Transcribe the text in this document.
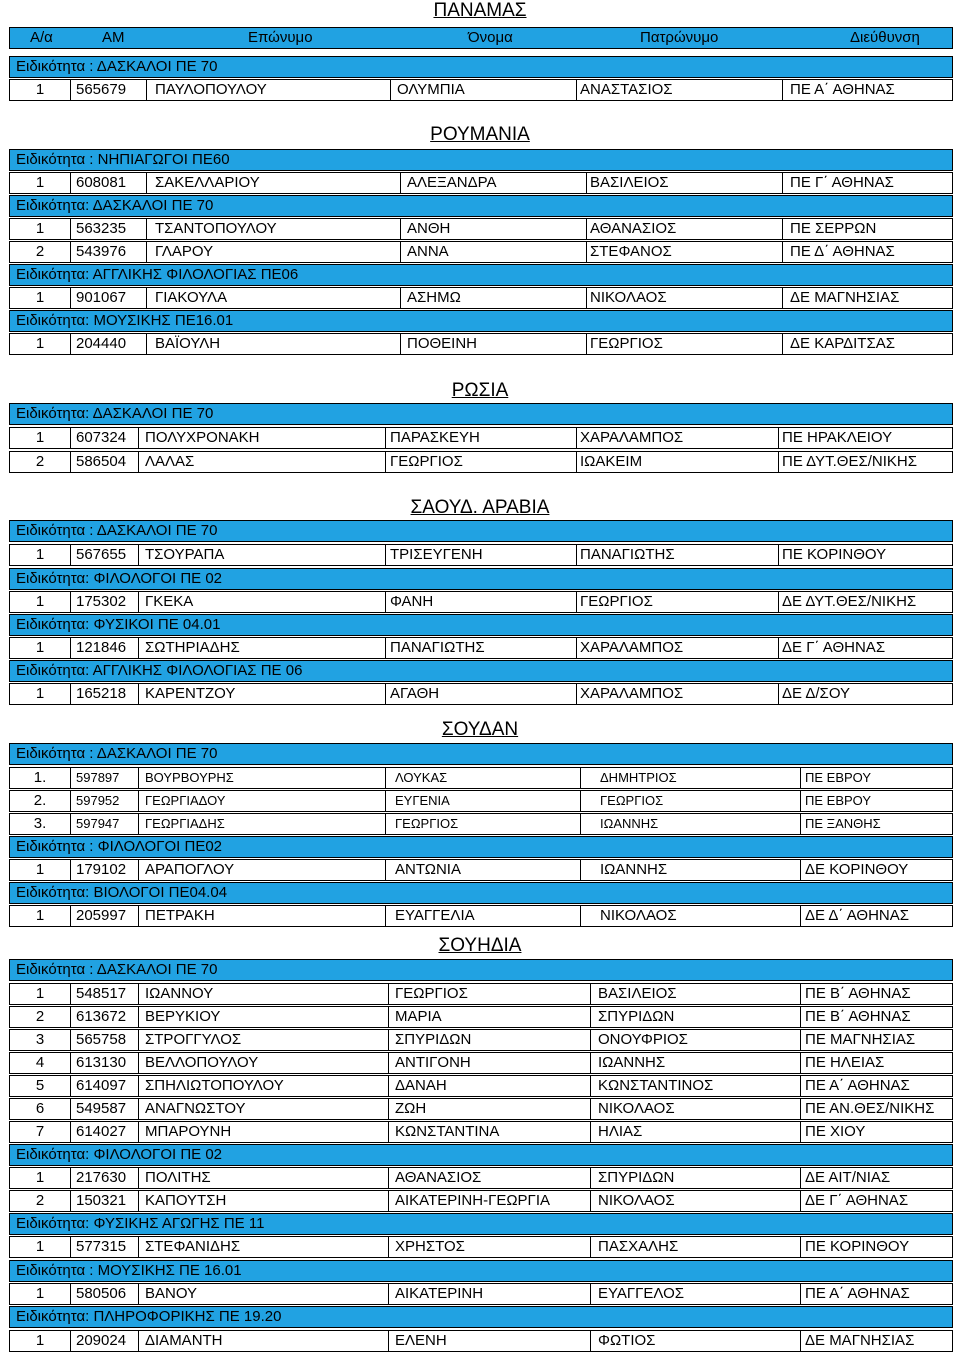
ΠΑΝΑΜΑΣ
Α/α	ΑΜ	Επώνυμο	Όνομα	Πατρώνυμο	Διεύθυνση
Ειδικότητα : ΔΑΣΚΑΛΟΙ ΠΕ 70
1	565679 ΠΑΥΛΟΠΟΥΛΟΥ	ΟΛΥΜΠΙΑ	ΑΝΑΣΤΑΣΙΟΣ	ΠΕ Α΄ ΑΘΗΝΑΣ
ΡΟΥΜΑΝΙΑ
Ειδικότητα : ΝΗΠΙΑΓΩΓΟΙ ΠΕ60
1	608081 ΣΑΚΕΛΛΑΡΙΟΥ	ΑΛΕΞΑΝΔΡΑ	ΒΑΣΙΛΕΙΟΣ	ΠΕ Γ΄ ΑΘΗΝΑΣ
Ειδικότητα: ΔΑΣΚΑΛΟΙ ΠΕ 70
1	563235 ΤΣΑΝΤΟΠΟΥΛΟΥ	ΑΝΘΗ	ΑΘΑΝΑΣΙΟΣ	ΠΕ ΣΕΡΡΩΝ
2	543976 ΓΛΑΡΟΥ	ΑΝΝΑ	ΣΤΕΦΑΝΟΣ	ΠΕ Δ΄ ΑΘΗΝΑΣ
Ειδικότητα: ΑΓΓΛΙΚΗΣ ΦΙΛΟΛΟΓΙΑΣ ΠΕ06
1	901067 ΓΙΑΚΟΥΛΑ	ΑΣΗΜΩ	ΝΙΚΟΛΑΟΣ	ΔΕ ΜΑΓΝΗΣΙΑΣ
Ειδικότητα: ΜΟΥΣΙΚΗΣ ΠΕ16.01
1	204440 ΒΑΪΟΥΛΗ	ΠΟΘΕΙΝΗ	ΓΕΩΡΓΙΟΣ	ΔΕ ΚΑΡΔΙΤΣΑΣ
ΡΩΣΙΑ
Ειδικότητα: ΔΑΣΚΑΛΟΙ ΠΕ 70
1	607324 ΠΟΛΥΧΡΟΝΑΚΗ	ΠΑΡΑΣΚΕΥΗ	ΧΑΡΑΛΑΜΠΟΣ	ΠΕ ΗΡΑΚΛΕΙΟΥ
2	586504 ΛΑΛΑΣ	ΓΕΩΡΓΙΟΣ	ΙΩΑΚΕΙΜ	ΠΕ ΔΥΤ.ΘΕΣ/ΝΙΚΗΣ
ΣΑΟΥΔ. ΑΡΑΒΙΑ
Ειδικότητα : ΔΑΣΚΑΛΟΙ ΠΕ 70
1	567655 ΤΣΟΥΡΑΠΑ	ΤΡΙΣΕΥΓΕΝΗ	ΠΑΝΑΓΙΩΤΗΣ	ΠΕ ΚΟΡΙΝΘΟΥ
Ειδικότητα: ΦΙΛΟΛΟΓΟΙ ΠΕ 02
1	175302 ΓΚΕΚΑ	ΦΑΝΗ	ΓΕΩΡΓΙΟΣ	ΔΕ ΔΥΤ.ΘΕΣ/ΝΙΚΗΣ
Ειδικότητα: ΦΥΣΙΚΟΙ ΠΕ 04.01
1	121846 ΣΩΤΗΡΙΑΔΗΣ	ΠΑΝΑΓΙΩΤΗΣ	ΧΑΡΑΛΑΜΠΟΣ	ΔΕ Γ΄ ΑΘΗΝΑΣ
Ειδικότητα: ΑΓΓΛΙΚΗΣ ΦΙΛΟΛΟΓΙΑΣ ΠΕ 06
1	165218 ΚΑΡΕΝΤΖΟΥ	ΑΓΑΘΗ	ΧΑΡΑΛΑΜΠΟΣ	ΔΕ Δ/ΣΟΥ
ΣΟΥΔΑΝ
Ειδικότητα : ΔΑΣΚΑΛΟΙ ΠΕ 70
1.	597897 ΒΟΥΡΒΟΥΡΗΣ	ΛΟΥΚΑΣ	ΔΗΜΗΤΡΙΟΣ	ΠΕ ΕΒΡΟΥ
2.	597952 ΓΕΩΡΓΙΑΔΟΥ	ΕΥΓΕΝΙΑ	ΓΕΩΡΓΙΟΣ	ΠΕ ΕΒΡΟΥ
3.	597947 ΓΕΩΡΓΙΑΔΗΣ	ΓΕΩΡΓΙΟΣ	ΙΩΑΝΝΗΣ	ΠΕ ΞΑΝΘΗΣ
Ειδικότητα : ΦΙΛΟΛΟΓΟΙ ΠΕ02
1	179102 ΑΡΑΠΟΓΛΟΥ	ΑΝΤΩΝΙΑ	ΙΩΑΝΝΗΣ	ΔΕ ΚΟΡΙΝΘΟΥ
Ειδικότητα: ΒΙΟΛΟΓΟΙ ΠΕ04.04
1	205997 ΠΕΤΡΑΚΗ	ΕΥΑΓΓΕΛΙΑ	ΝΙΚΟΛΑΟΣ	ΔΕ Δ΄ ΑΘΗΝΑΣ
ΣΟΥΗΔΙΑ
Ειδικότητα : ΔΑΣΚΑΛΟΙ ΠΕ 70
1	548517 ΙΩΑΝΝΟΥ	ΓΕΩΡΓΙΟΣ	ΒΑΣΙΛΕΙΟΣ	ΠΕ Β΄ ΑΘΗΝΑΣ
2	613672 ΒΕΡΥΚΙΟΥ	ΜΑΡΙΑ	ΣΠΥΡΙΔΩΝ	ΠΕ Β΄ ΑΘΗΝΑΣ
3	565758 ΣΤΡΟΓΓΥΛΟΣ	ΣΠΥΡΙΔΩΝ	ΟΝΟΥΦΡΙΟΣ	ΠΕ ΜΑΓΝΗΣΙΑΣ
4	613130 ΒΕΛΛΟΠΟΥΛΟΥ	ΑΝΤΙΓΟΝΗ	ΙΩΑΝΝΗΣ	ΠΕ ΗΛΕΙΑΣ
5	614097 ΣΠΗΛΙΩΤΟΠΟΥΛΟΥ	ΔΑΝΑΗ	ΚΩΝΣΤΑΝΤΙΝΟΣ	ΠΕ Α΄ ΑΘΗΝΑΣ
6	549587 ΑΝΑΓΝΩΣΤΟΥ	ΖΩΗ	ΝΙΚΟΛΑΟΣ	ΠΕ ΑΝ.ΘΕΣ/ΝΙΚΗΣ
7	614027 ΜΠΑΡΟΥΝΗ	ΚΩΝΣΤΑΝΤΙΝΑ	ΗΛΙΑΣ	ΠΕ ΧΙΟΥ
Ειδικότητα: ΦΙΛΟΛΟΓΟΙ ΠΕ 02
1	217630 ΠΟΛΙΤΗΣ	ΑΘΑΝΑΣΙΟΣ	ΣΠΥΡΙΔΩΝ	ΔΕ ΑΙΤ/ΝΙΑΣ
2	150321 ΚΑΠΟΥΤΣΗ	ΑΙΚΑΤΕΡΙΝΗ-ΓΕΩΡΓΙΑ	ΝΙΚΟΛΑΟΣ	ΔΕ Γ΄ ΑΘΗΝΑΣ
Ειδικότητα: ΦΥΣΙΚΗΣ ΑΓΩΓΗΣ ΠΕ 11
1	577315 ΣΤΕΦΑΝΙΔΗΣ	ΧΡΗΣΤΟΣ	ΠΑΣΧΑΛΗΣ	ΠΕ ΚΟΡΙΝΘΟΥ
Ειδικότητα : ΜΟΥΣΙΚΗΣ ΠΕ 16.01
1	580506 ΒΑΝΟΥ	ΑΙΚΑΤΕΡΙΝΗ	ΕΥΑΓΓΕΛΟΣ	ΠΕ Α΄ ΑΘΗΝΑΣ
Ειδικότητα: ΠΛΗΡΟΦΟΡΙΚΗΣ ΠΕ 19.20
1	209024 ΔΙΑΜΑΝΤΗ	ΕΛΕΝΗ	ΦΩΤΙΟΣ	ΔΕ ΜΑΓΝΗΣΙΑΣ
